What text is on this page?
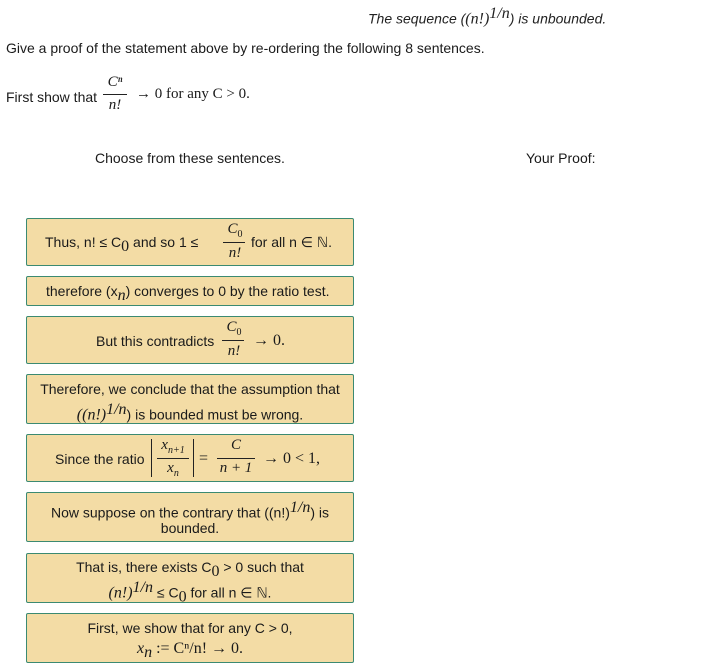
The sequence $((n!)^{1/n})$ is unbounded.
Give a proof of the statement above by re-ordering the following 8 sentences.
First show that
Cⁿ
n!
→ 0 for any C > 0.
Choose from these sentences.	Your Proof:
Thus, n! ≤ $C_0$ and so 1 ≤
$C_0$
n!
for all n ∈ ℕ.
therefore $(x_n)$ converges to 0 by the ratio test.
But this contradicts
$C_0$
n!
→ 0.
Therefore, we conclude that the assumption that
$((n!)^{1/n})$ is bounded must be wrong.
Since the ratio
$x_{n+1}$
$x_n$
=
C
n + 1
→ 0 < 1,
Now suppose on the contrary that $((n!)^{1/n})$ is
bounded.
That is, there exists $C_0 > 0$ such that
$(n!)^{1/n} \le C_0$ for all n ∈ ℕ.
First, we show that for any C > 0,
$x_n$ := Cⁿ/n! → 0.
